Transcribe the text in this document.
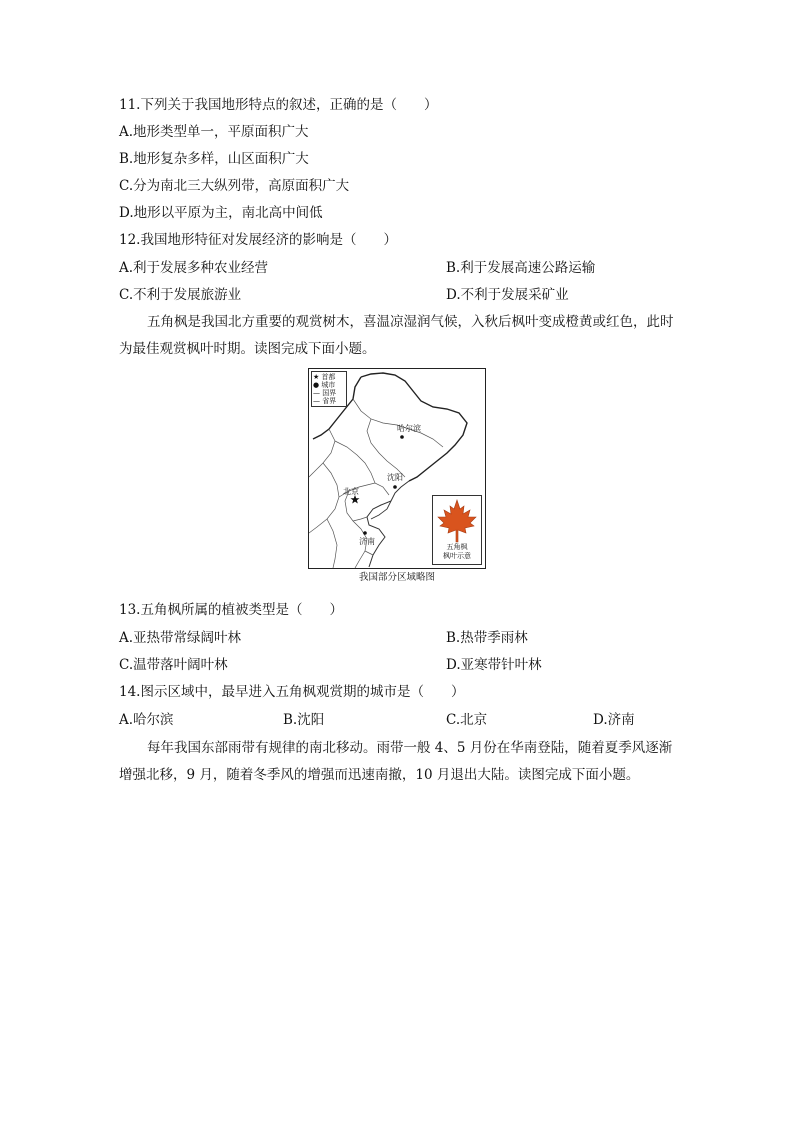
11.下列关于我国地形特点的叙述，正确的是（　　）
A.地形类型单一，平原面积广大
B.地形复杂多样，山区面积广大
C.分为南北三大纵列带，高原面积广大
D.地形以平原为主，南北高中间低
12.我国地形特征对发展经济的影响是（　　）
A.利于发展多种农业经营	B.利于发展高速公路运输
C.不利于发展旅游业	D.不利于发展采矿业
五角枫是我国北方重要的观赏树木，喜温凉湿润气候，入秋后枫叶变成橙黄或红色，此时为最佳观赏枫叶时期。读图完成下面小题。
★ 首都
● 城市
— 国界
— 省界
哈尔滨
沈阳
北京
济南
五角枫
枫叶示意
我国部分区域略图
13.五角枫所属的植被类型是（　　）
A.亚热带常绿阔叶林	B.热带季雨林
C.温带落叶阔叶林	D.亚寒带针叶林
14.图示区域中，最早进入五角枫观赏期的城市是（　　）
A.哈尔滨	B.沈阳	C.北京	D.济南
每年我国东部雨带有规律的南北移动。雨带一般 4、5 月份在华南登陆，随着夏季风逐渐增强北移，9 月，随着冬季风的增强而迅速南撤，10 月退出大陆。读图完成下面小题。
